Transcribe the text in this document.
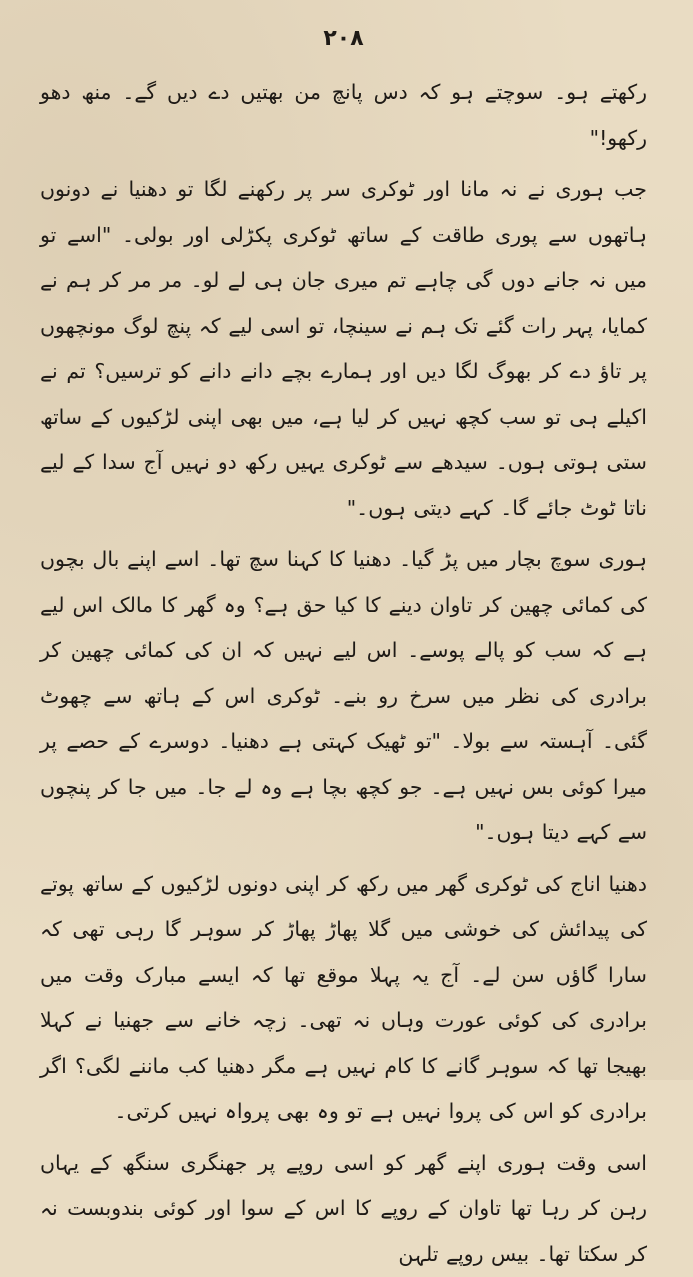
۲۰۸

رکھتے ہو۔ سوچتے ہو کہ دس پانچ من بھتیں دے دیں گے۔ منھ دھو رکھو!"

جب ہوری نے نہ مانا اور ٹوکری سر پر رکھنے لگا تو دھنیا نے دونوں ہاتھوں سے پوری طاقت کے ساتھ ٹوکری پکڑلی اور بولی۔ "اسے تو میں نہ جانے دوں گی چاہے تم میری جان ہی لے لو۔ مر مر کر ہم نے کمایا، پہر رات گئے تک ہم نے سینچا، تو اسی لیے کہ پنچ لوگ مونچھوں پر تاؤ دے کر بھوگ لگا دیں اور ہمارے بچے دانے دانے کو ترسیں؟ تم نے اکیلے ہی تو سب کچھ نہیں کر لیا ہے، میں بھی اپنی لڑکیوں کے ساتھ ستی ہوتی ہوں۔ سیدھے سے ٹوکری یہیں رکھ دو نہیں آج سدا کے لیے ناتا ٹوٹ جائے گا۔ کہے دیتی ہوں۔"

ہوری سوچ بچار میں پڑ گیا۔ دھنیا کا کہنا سچ تھا۔ اسے اپنے بال بچوں کی کمائی چھین کر تاوان دینے کا کیا حق ہے؟ وہ گھر کا مالک اس لیے ہے کہ سب کو پالے پوسے۔ اس لیے نہیں کہ ان کی کمائی چھین کر برادری کی نظر میں سرخ رو بنے۔ ٹوکری اس کے ہاتھ سے چھوٹ گئی۔ آہستہ سے بولا۔ "تو ٹھیک کہتی ہے دھنیا۔ دوسرے کے حصے پر میرا کوئی بس نہیں ہے۔ جو کچھ بچا ہے وہ لے جا۔ میں جا کر پنچوں سے کہے دیتا ہوں۔"

دھنیا اناج کی ٹوکری گھر میں رکھ کر اپنی دونوں لڑکیوں کے ساتھ پوتے کی پیدائش کی خوشی میں گلا پھاڑ پھاڑ کر سوہر گا رہی تھی کہ سارا گاؤں سن لے۔ آج یہ پہلا موقع تھا کہ ایسے مبارک وقت میں برادری کی کوئی عورت وہاں نہ تھی۔ زچہ خانے سے جھنیا نے کہلا بھیجا تھا کہ سوہر گانے کا کام نہیں ہے مگر دھنیا کب ماننے لگی؟ اگر برادری کو اس کی پروا نہیں ہے تو وہ بھی پرواہ نہیں کرتی۔

اسی وقت ہوری اپنے گھر کو اسی روپے پر جھنگری سنگھ کے یہاں رہن کر رہا تھا تاوان کے روپے کا اس کے سوا اور کوئی بندوبست نہ کر سکتا تھا۔ بیس روپے تلہن
